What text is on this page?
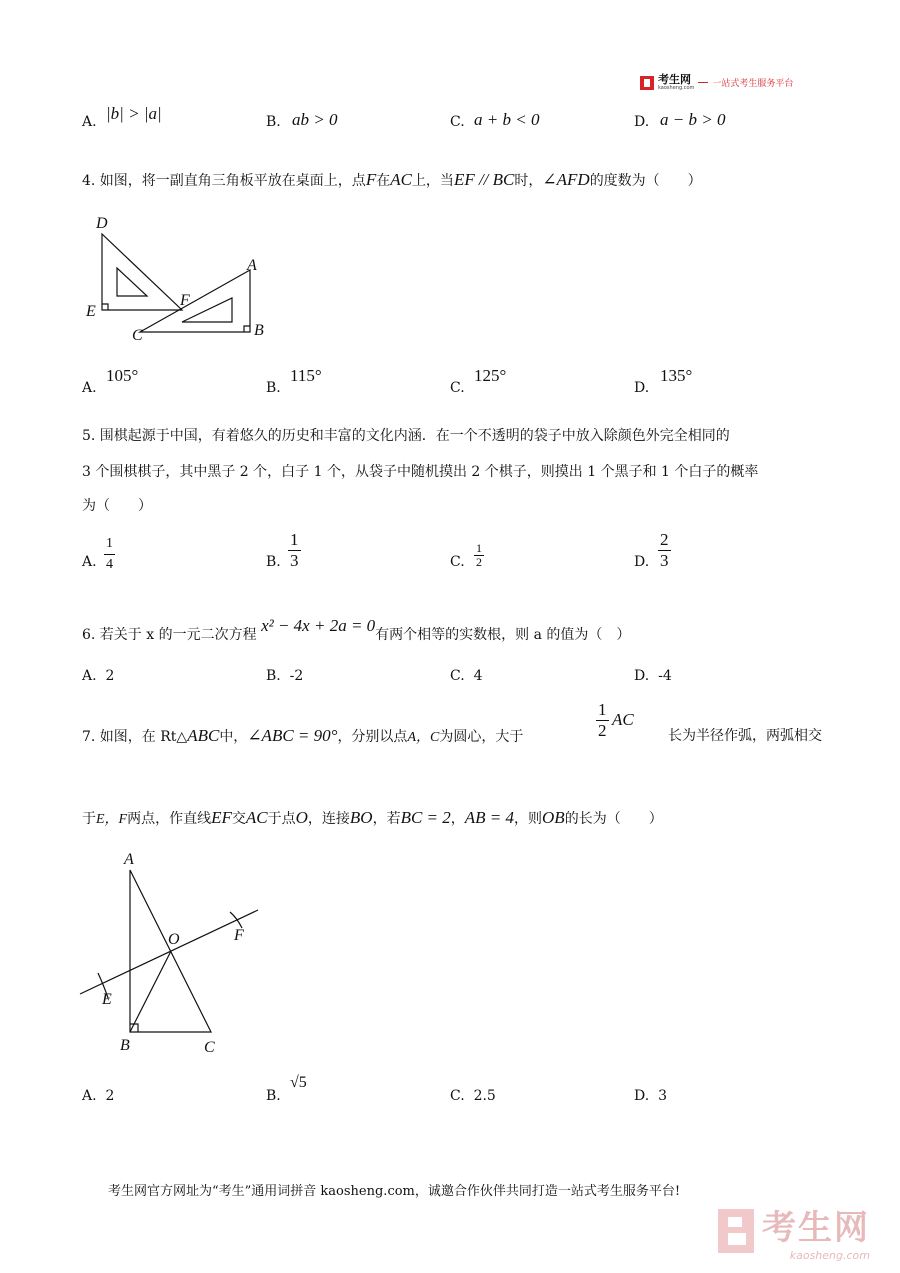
考生网
kaosheng.com 一站式考生服务平台
A. |b| > |a|	B. ab > 0	C. a + b < 0	D. a − b > 0
4. 如图，将一副直角三角板平放在桌面上，点F在AC上，当EF // BC时，∠AFD的度数为（　　）
D
A
E
F
C	B
A.
105°
B.
115°
C.
125°
D.
135°
5. 围棋起源于中国，有着悠久的历史和丰富的文化内涵．在一个不透明的袋子中放入除颜色外完全相同的
3 个围棋棋子，其中黑子 2 个，白子 1 个，从袋子中随机摸出 2 个棋子，则摸出 1 个黑子和 1 个白子的概率
为（　　）
A. $\frac{1}{4}$	B. $\frac{1}{3}$	C. $\frac{1}{2}$	D. $\frac{2}{3}$
6. 若关于 x 的一元二次方程 x² − 4x + 2a = 0有两个相等的实数根，则 a 的值为（　）
A. 2	B. -2	C. 4	D. -4
7. 如图，在 Rt△ABC中，∠ABC = 90°，分别以点A，C为圆心，大于	$\frac{1}{2}$ AC
长为半径作弧，两弧相交
于E，F两点，作直线EF交AC于点O，连接BO，若BC = 2，AB = 4，则OB的长为（　　）
A
O	F
E
B	C
A. 2	B.
√5
C. 2.5	D. 3
考生网官方网址为“考生”通用词拼音 kaosheng.com，诚邀合作伙伴共同打造一站式考生服务平台!
考生网
kaosheng.com
